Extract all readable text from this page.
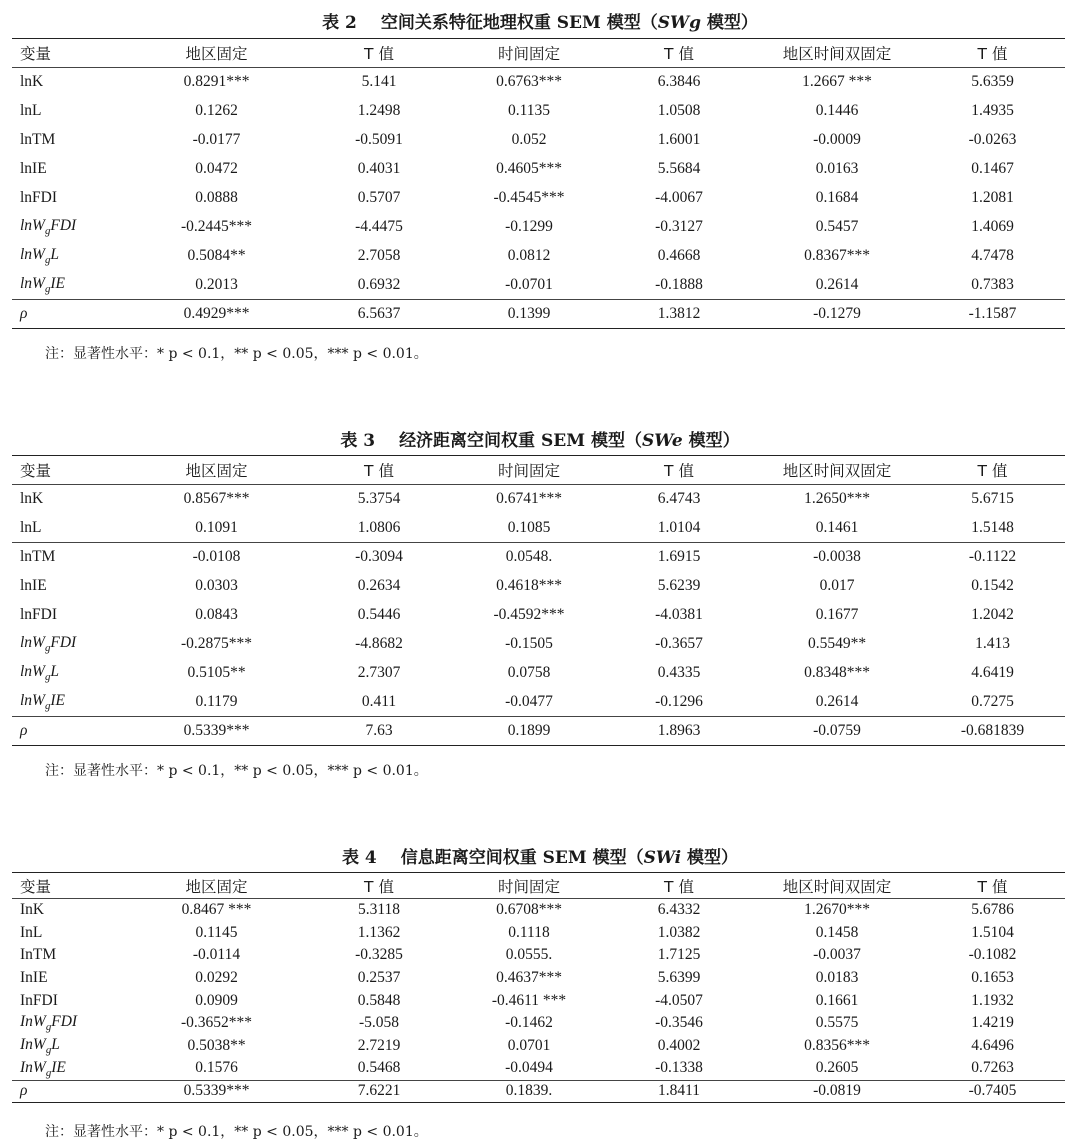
表 2 空间关系特征地理权重 SEM 模型（SWg 模型）
变量	地区固定	T 值	时间固定	T 值	地区时间双固定	T 值
lnK	0.8291***	5.141	0.6763***	6.3846	1.2667 ***	5.6359
lnL	0.1262	1.2498	0.1135	1.0508	0.1446	1.4935
lnTM	-0.0177	-0.5091	0.052	1.6001	-0.0009	-0.0263
lnIE	0.0472	0.4031	0.4605***	5.5684	0.0163	0.1467
lnFDI	0.0888	0.5707	-0.4545***	-4.0067	0.1684	1.2081
lnW$_g$FDI	-0.2445***	-4.4475	-0.1299	-0.3127	0.5457	1.4069
lnW$_g$L	0.5084**	2.7058	0.0812	0.4668	0.8367***	4.7478
lnW$_g$IE	0.2013	0.6932	-0.0701	-0.1888	0.2614	0.7383
ρ	0.4929***	6.5637	0.1399	1.3812	-0.1279	-1.1587
注：显著性水平：* p < 0.1，** p < 0.05，*** p < 0.01。
表 3 经济距离空间权重 SEM 模型（SWe 模型）
变量	地区固定	T 值	时间固定	T 值	地区时间双固定	T 值
lnK	0.8567***	5.3754	0.6741***	6.4743	1.2650***	5.6715
lnL	0.1091	1.0806	0.1085	1.0104	0.1461	1.5148
lnTM	-0.0108	-0.3094	0.0548.	1.6915	-0.0038	-0.1122
lnIE	0.0303	0.2634	0.4618***	5.6239	0.017	0.1542
lnFDI	0.0843	0.5446	-0.4592***	-4.0381	0.1677	1.2042
lnW$_g$FDI	-0.2875***	-4.8682	-0.1505	-0.3657	0.5549**	1.413
lnW$_g$L	0.5105**	2.7307	0.0758	0.4335	0.8348***	4.6419
lnW$_g$IE	0.1179	0.411	-0.0477	-0.1296	0.2614	0.7275
ρ	0.5339***	7.63	0.1899	1.8963	-0.0759	-0.681839
注：显著性水平：* p < 0.1，** p < 0.05，*** p < 0.01。
表 4 信息距离空间权重 SEM 模型（SWi 模型）
变量	地区固定	T 值	时间固定	T 值	地区时间双固定	T 值
InK	0.8467 ***	5.3118	0.6708***	6.4332	1.2670***	5.6786
InL	0.1145	1.1362	0.1118	1.0382	0.1458	1.5104
InTM	-0.0114	-0.3285	0.0555.	1.7125	-0.0037	-0.1082
InIE	0.0292	0.2537	0.4637***	5.6399	0.0183	0.1653
InFDI	0.0909	0.5848	-0.4611 ***	-4.0507	0.1661	1.1932
InW$_g$FDI	-0.3652***	-5.058	-0.1462	-0.3546	0.5575	1.4219
InW$_g$L	0.5038**	2.7219	0.0701	0.4002	0.8356***	4.6496
InW$_g$IE	0.1576	0.5468	-0.0494	-0.1338	0.2605	0.7263
ρ	0.5339***	7.6221	0.1839.	1.8411	-0.0819	-0.7405
注：显著性水平：* p < 0.1，** p < 0.05，*** p < 0.01。
